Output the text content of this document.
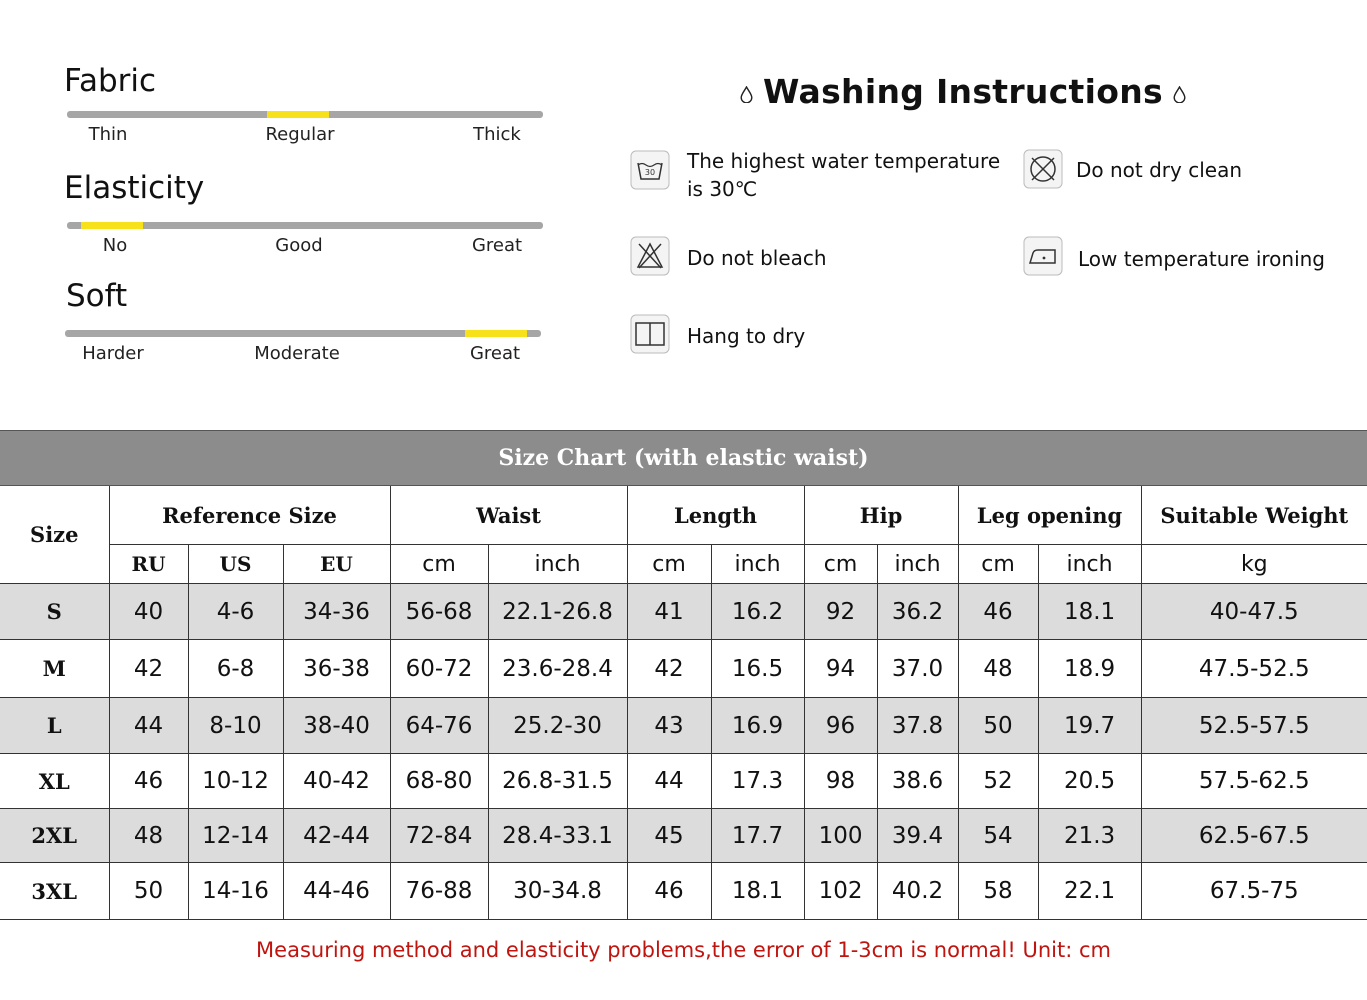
Fabric
Thin	Regular	Thick
Elasticity
No	Good	Great
Soft
Harder	Moderate	Great
Washing Instructions
30 The highest water temperature
is 30℃
Do not dry clean
Do not bleach	Low temperature ironing
Hang to dry
Size Chart (with elastic waist)
Size	Reference Size			Waist		Length		Hip		Leg opening		Suitable Weight
	RU	US	EU	cm	inch	cm	inch	cm	inch	cm	inch	kg
S	40	4-6	34-36	56-68	22.1-26.8	41	16.2	92	36.2	46	18.1	40-47.5
M	42	6-8	36-38	60-72	23.6-28.4	42	16.5	94	37.0	48	18.9	47.5-52.5
L	44	8-10	38-40	64-76	25.2-30	43	16.9	96	37.8	50	19.7	52.5-57.5
XL	46	10-12	40-42	68-80	26.8-31.5	44	17.3	98	38.6	52	20.5	57.5-62.5
2XL	48	12-14	42-44	72-84	28.4-33.1	45	17.7	100	39.4	54	21.3	62.5-67.5
3XL	50	14-16	44-46	76-88	30-34.8	46	18.1	102	40.2	58	22.1	67.5-75
Measuring method and elasticity problems,the error of 1-3cm is normal! Unit: cm
